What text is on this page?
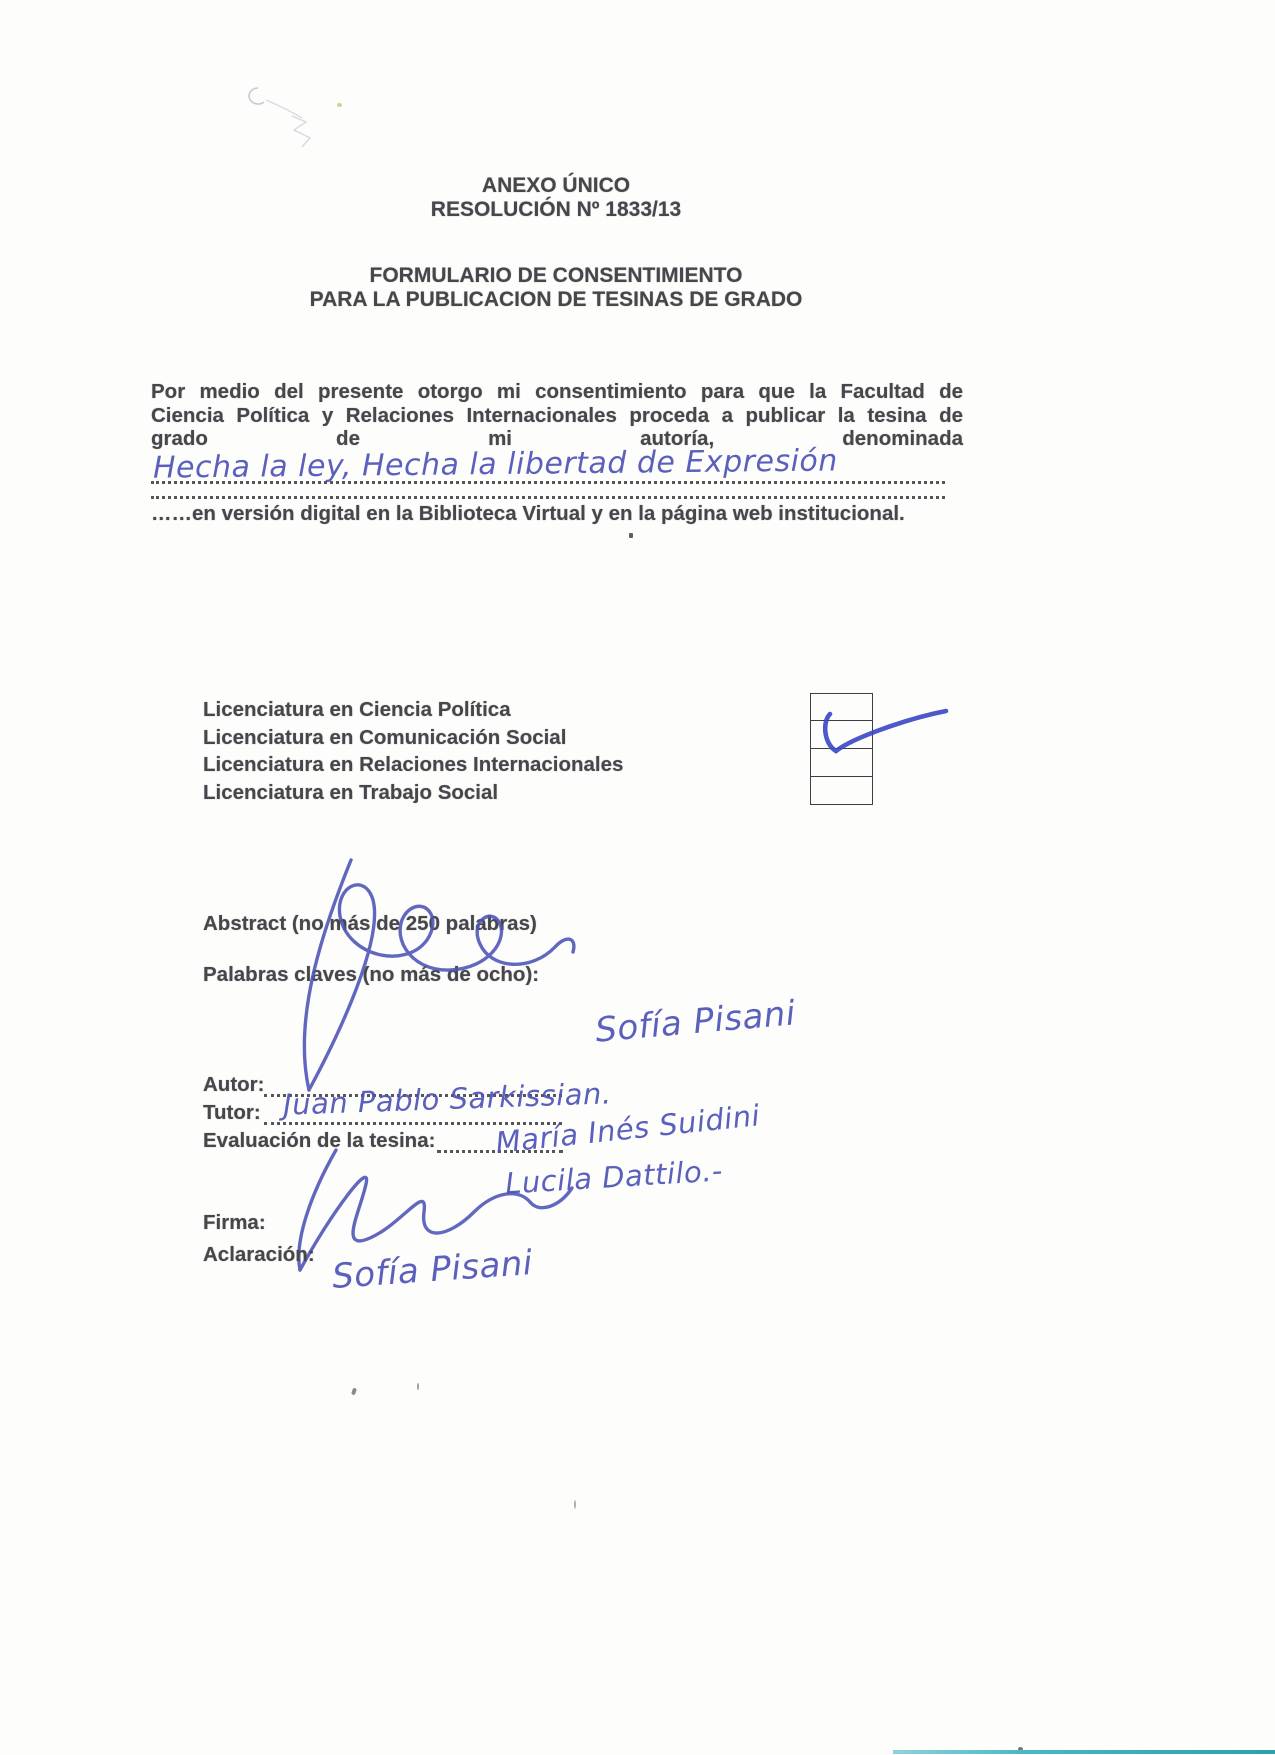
ANEXO ÚNICO
RESOLUCIÓN Nº 1833/13
FORMULARIO DE CONSENTIMIENTO
PARA LA PUBLICACION DE TESINAS DE GRADO
Por medio del presente otorgo mi consentimiento para que la Facultad de
Ciencia Política y Relaciones Internacionales proceda a publicar la tesina de
grado de mi autoría, denominada
Hecha la ley, Hecha la libertad de Expresión
……en versión digital en la Biblioteca Virtual y en la página web institucional.
Licenciatura en Ciencia Política
Licenciatura en Comunicación Social
Licenciatura en Relaciones Internacionales
Licenciatura en Trabajo Social
Abstract (no más de 250 palabras)
Palabras claves (no más de ocho):
Sofía Pisani
Autor:
Tutor: Juan Pablo Sarkissian.
Evaluación de la tesina: María Inés Suidini
Lucila Dattilo.-
Firma:
Aclaración: Sofía Pisani
